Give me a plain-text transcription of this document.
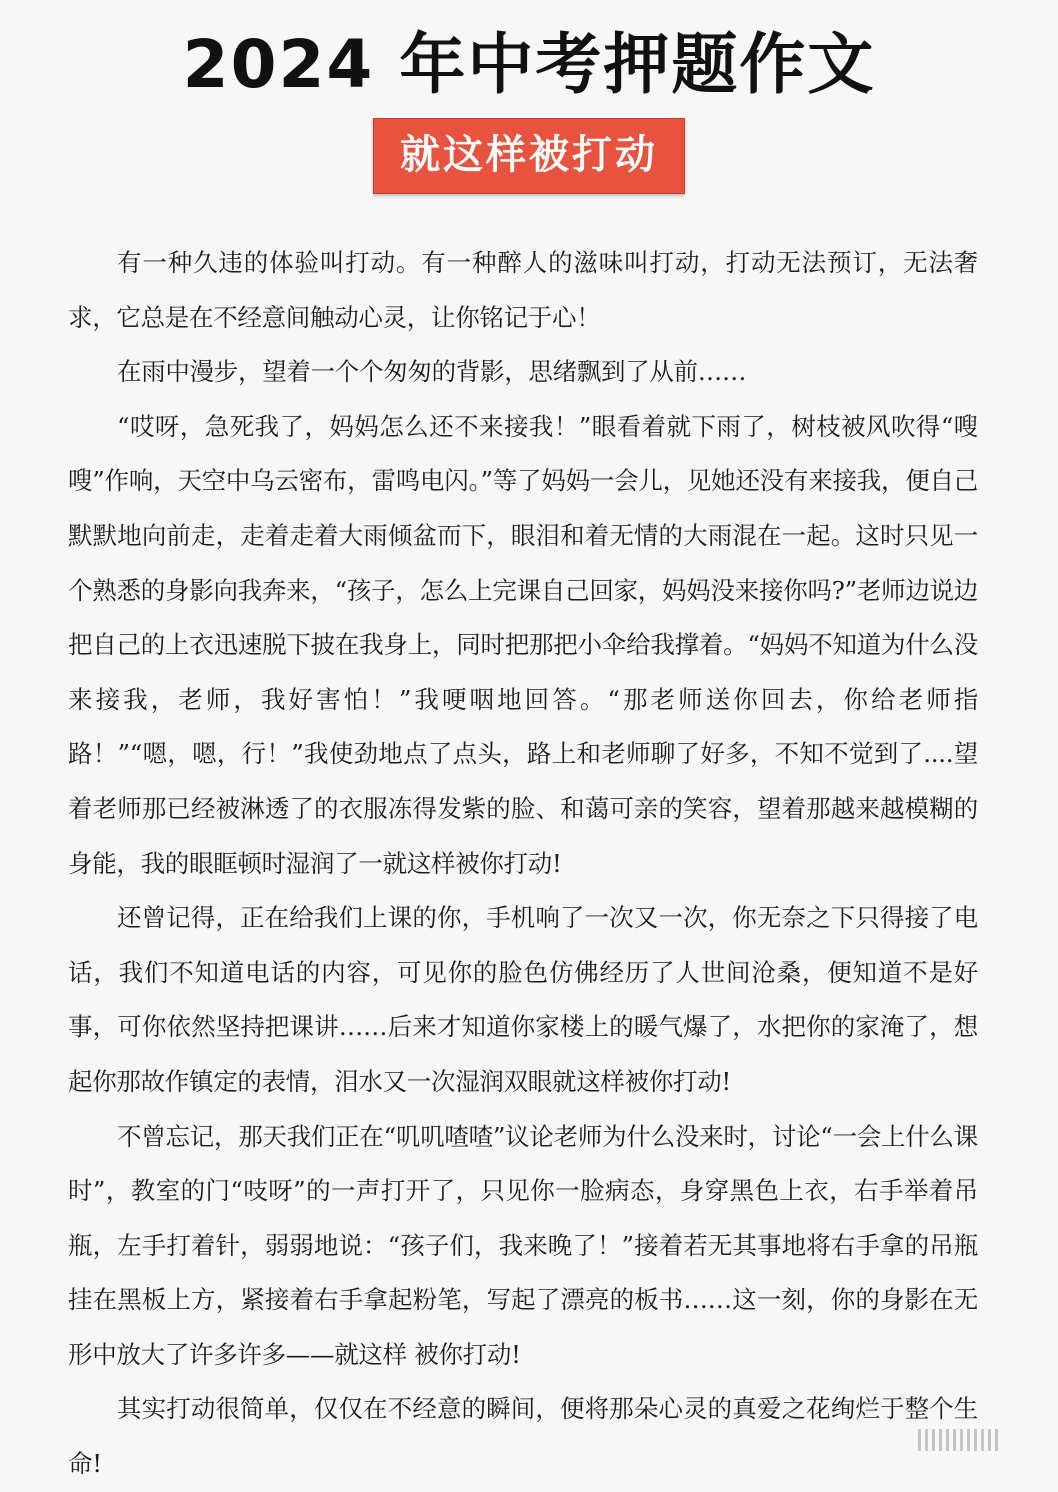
2024 年中考押题作文
就这样被打动

有一种久违的体验叫打动。有一种醉人的滋味叫打动，打动无法预订，无法奢求，它总是在不经意间触动心灵，让你铭记于心！

在雨中漫步，望着一个个匆匆的背影，思绪飘到了从前……

“哎呀，急死我了，妈妈怎么还不来接我！”眼看着就下雨了，树枝被风吹得“嗖嗖”作响，天空中乌云密布，雷鸣电闪。”等了妈妈一会儿，见她还没有来接我，便自己默默地向前走，走着走着大雨倾盆而下，眼泪和着无情的大雨混在一起。这时只见一个熟悉的身影向我奔来，“孩子，怎么上完课自己回家，妈妈没来接你吗?”老师边说边把自己的上衣迅速脱下披在我身上，同时把那把小伞给我撑着。“妈妈不知道为什么没来接我，老师，我好害怕！”我哽咽地回答。“那老师送你回去，你给老师指路！”“嗯，嗯，行！”我使劲地点了点头，路上和老师聊了好多，不知不觉到了....望着老师那已经被淋透了的衣服冻得发紫的脸、和蔼可亲的笑容，望着那越来越模糊的身能，我的眼眶顿时湿润了一就这样被你打动!

还曾记得，正在给我们上课的你，手机响了一次又一次，你无奈之下只得接了电话，我们不知道电话的内容，可见你的脸色仿佛经历了人世间沧桑，便知道不是好事，可你依然坚持把课讲……后来才知道你家楼上的暖气爆了，水把你的家淹了，想起你那故作镇定的表情，泪水又一次湿润双眼就这样被你打动!

不曾忘记，那天我们正在“叽叽喳喳”议论老师为什么没来时，讨论“一会上什么课时”，教室的门“吱呀”的一声打开了，只见你一脸病态，身穿黑色上衣，右手举着吊瓶，左手打着针，弱弱地说：“孩子们，我来晚了！”接着若无其事地将右手拿的吊瓶挂在黑板上方，紧接着右手拿起粉笔，写起了漂亮的板书……这一刻，你的身影在无形中放大了许多许多——就这样 被你打动!

其实打动很简单，仅仅在不经意的瞬间，便将那朵心灵的真爱之花绚烂于整个生命!
